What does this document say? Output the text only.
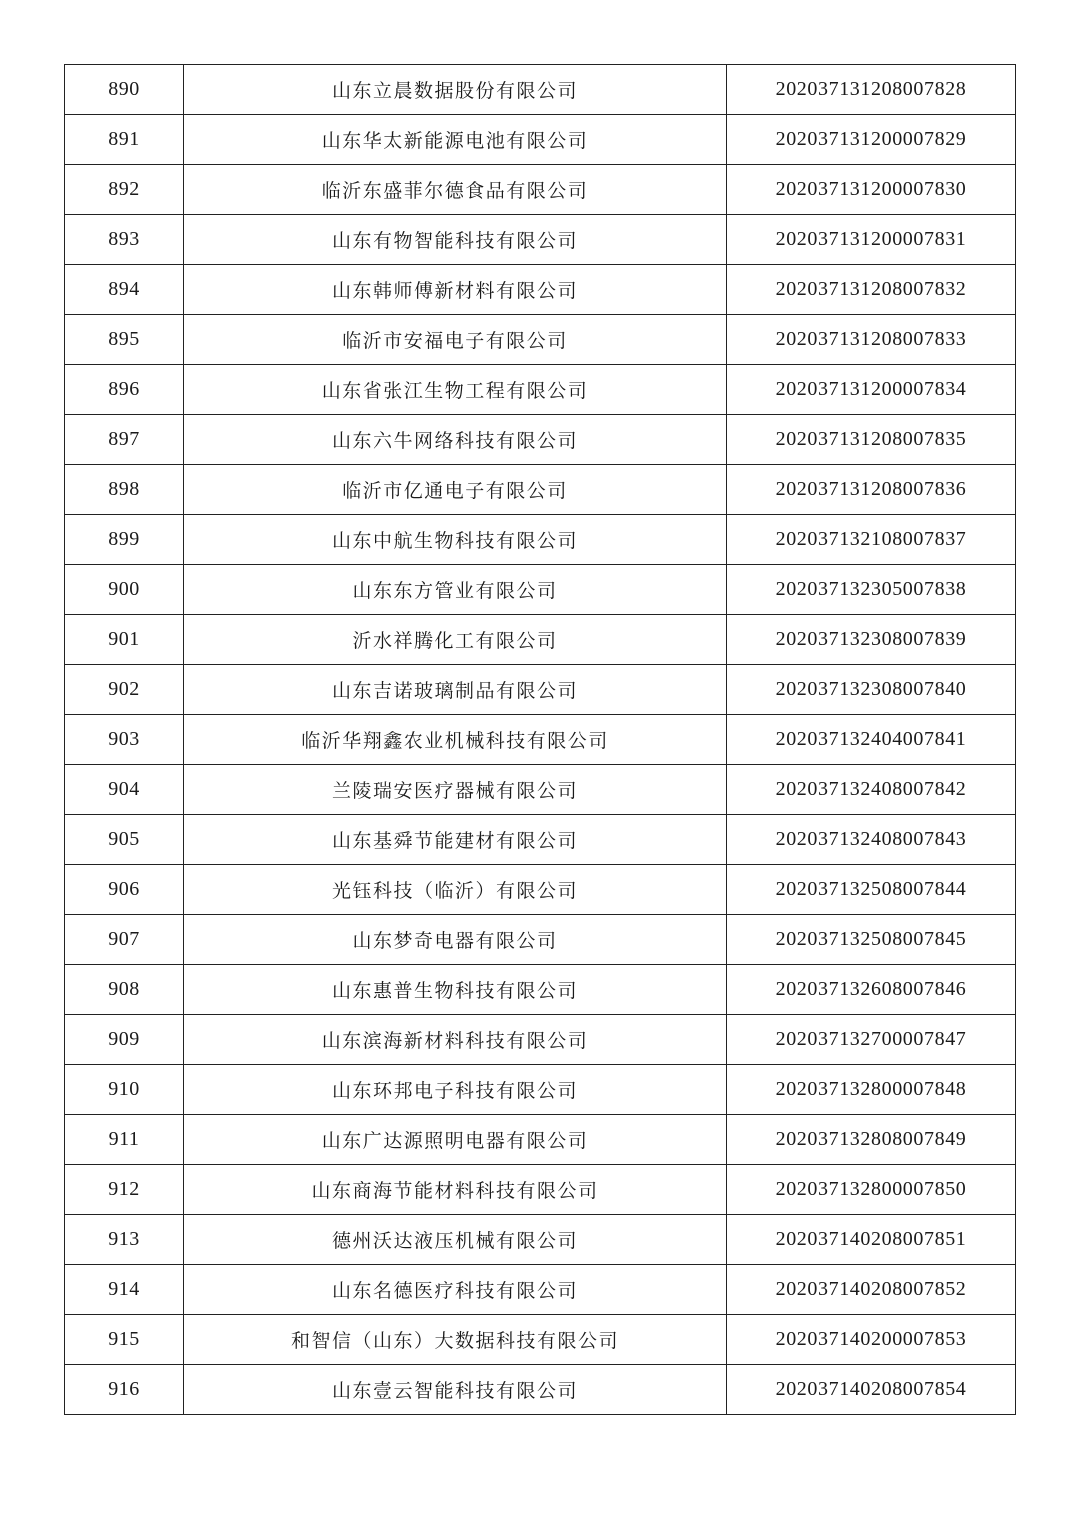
890	山东立晨数据股份有限公司	202037131208007828
891	山东华太新能源电池有限公司	202037131200007829
892	临沂东盛菲尔德食品有限公司	202037131200007830
893	山东有物智能科技有限公司	202037131200007831
894	山东韩师傅新材料有限公司	202037131208007832
895	临沂市安福电子有限公司	202037131208007833
896	山东省张江生物工程有限公司	202037131200007834
897	山东六牛网络科技有限公司	202037131208007835
898	临沂市亿通电子有限公司	202037131208007836
899	山东中航生物科技有限公司	202037132108007837
900	山东东方管业有限公司	202037132305007838
901	沂水祥腾化工有限公司	202037132308007839
902	山东吉诺玻璃制品有限公司	202037132308007840
903	临沂华翔鑫农业机械科技有限公司	202037132404007841
904	兰陵瑞安医疗器械有限公司	202037132408007842
905	山东基舜节能建材有限公司	202037132408007843
906	光钰科技（临沂）有限公司	202037132508007844
907	山东梦奇电器有限公司	202037132508007845
908	山东惠普生物科技有限公司	202037132608007846
909	山东滨海新材料科技有限公司	202037132700007847
910	山东环邦电子科技有限公司	202037132800007848
911	山东广达源照明电器有限公司	202037132808007849
912	山东商海节能材料科技有限公司	202037132800007850
913	德州沃达液压机械有限公司	202037140208007851
914	山东名德医疗科技有限公司	202037140208007852
915	和智信（山东）大数据科技有限公司	202037140200007853
916	山东壹云智能科技有限公司	202037140208007854
